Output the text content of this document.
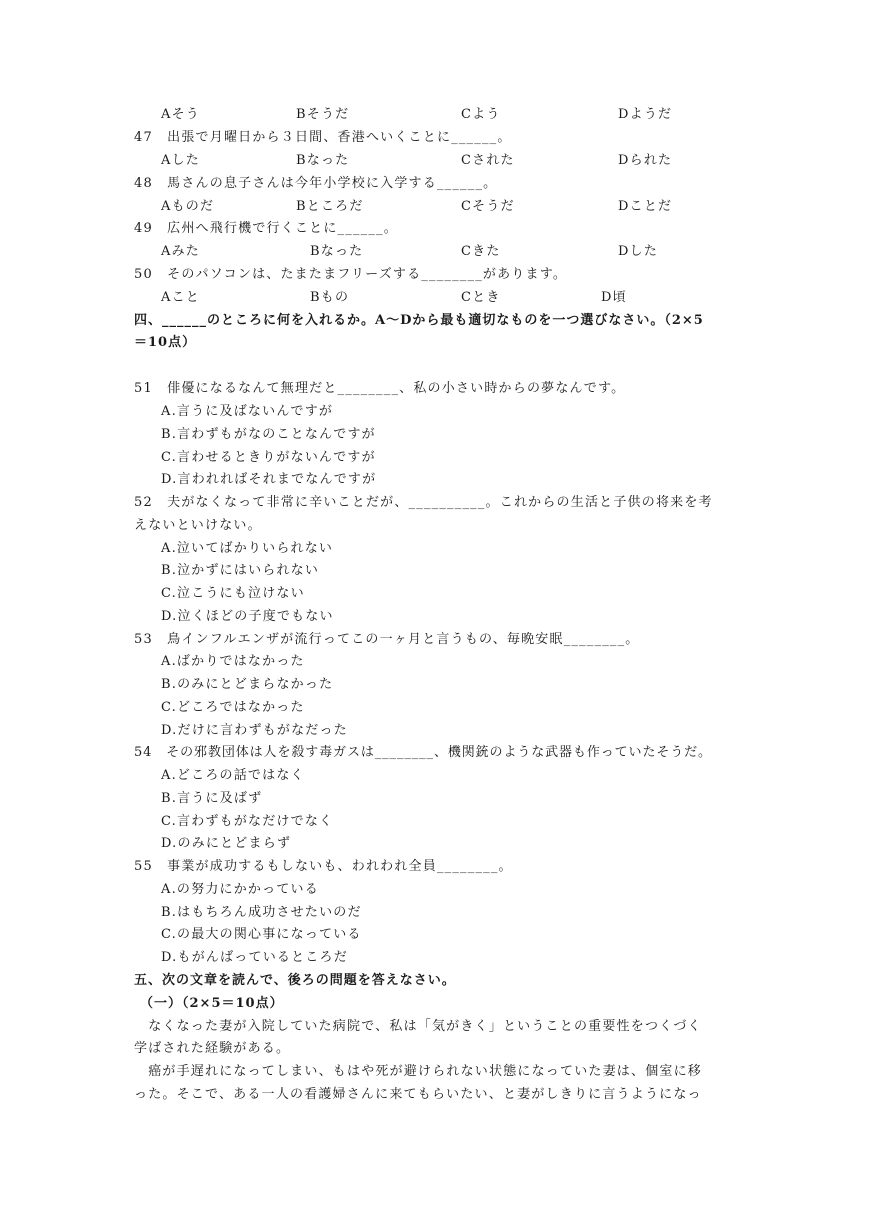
Aそう	Bそうだ	Cよう	Dようだ
47　出張で月曜日から３日間、香港へいくことに______。
Aした	Bなった	Cされた	Dられた
48　馬さんの息子さんは今年小学校に入学する______。
Aものだ	Bところだ	Cそうだ	Dことだ
49　広州へ飛行機で行くことに______。
Aみた	Bなった	Cきた	Dした
50　そのパソコンは、たまたまフリーズする________があります。
Aこと	Bもの	Cとき	D頃
四、______のところに何を入れるか。A～Dから最も適切なものを一つ選びなさい。（2×5
＝10点）
51　俳優になるなんて無理だと________、私の小さい時からの夢なんです。
A.言うに及ばないんですが
B.言わずもがなのことなんですが
C.言わせるときりがないんですが
D.言われればそれまでなんですが
52　夫がなくなって非常に辛いことだが、__________。これからの生活と子供の将来を考
えないといけない。
A.泣いてばかりいられない
B.泣かずにはいられない
C.泣こうにも泣けない
D.泣くほどの子度でもない
53　鳥インフルエンザが流行ってこの一ヶ月と言うもの、毎晩安眠________。
A.ばかりではなかった
B.のみにとどまらなかった
C.どころではなかった
D.だけに言わずもがなだった
54　その邪教団体は人を殺す毒ガスは________、機関銃のような武器も作っていたそうだ。
A.どころの話ではなく
B.言うに及ばず
C.言わずもがなだけでなく
D.のみにとどまらず
55　事業が成功するもしないも、われわれ全員________。
A.の努力にかかっている
B.はもちろん成功させたいのだ
C.の最大の関心事になっている
D.もがんばっているところだ
五、次の文章を読んで、後ろの問題を答えなさい。
（一）（2×5＝10点）
　なくなった妻が入院していた病院で、私は「気がきく」ということの重要性をつくづく
学ばされた経験がある。
　癌が手遅れになってしまい、もはや死が避けられない状態になっていた妻は、個室に移
った。そこで、ある一人の看護婦さんに来てもらいたい、と妻がしきりに言うようになっ
